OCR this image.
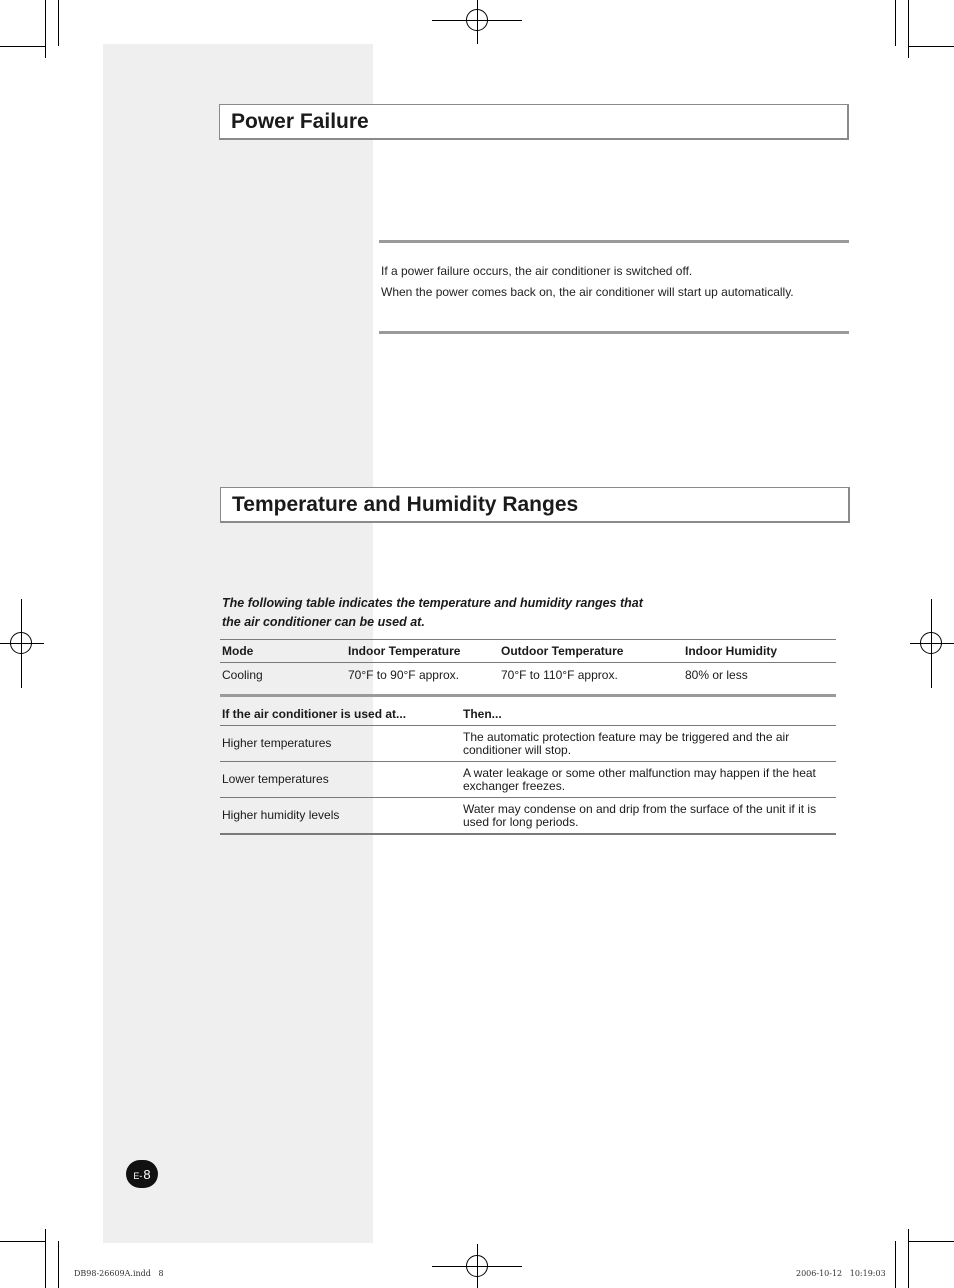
Power Failure
If a power failure occurs, the air conditioner is switched off.
When the power comes back on, the air conditioner will start up automatically.
Temperature and Humidity Ranges
The following table indicates the temperature and humidity ranges that
the air conditioner can be used at.
Mode	Indoor Temperature	Outdoor Temperature	Indoor Humidity
Cooling	70°F to 90°F approx.	70°F to 110°F approx.	80% or less
If the air conditioner is used at...	Then...
Higher temperatures	The automatic protection feature may be triggered and the air conditioner will stop.
Lower temperatures	A water leakage or some other malfunction may happen if the heat exchanger freezes.
Higher humidity levels	Water may condense on and drip from the surface of the unit if it is used for long periods.
E- 8
DB98-26609A.indd   8	2006-10-12   10:19:03
